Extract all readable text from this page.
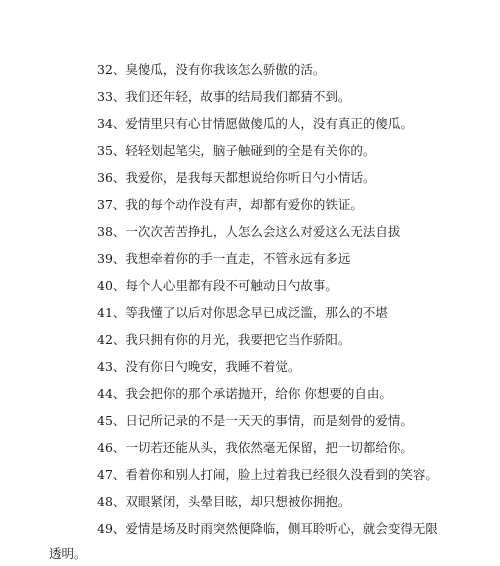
32、臭傻瓜，没有你我该怎么骄傲的活。
33、我们还年轻，故事的结局我们都猜不到。
34、爱情里只有心甘情愿做傻瓜的人，没有真正的傻瓜。
35、轻轻划起笔尖，脑子触碰到的全是有关你的。
36、我爱你，是我每天都想说给你听日勺小情话。
37、我的每个动作没有声，却都有爱你的铁证。
38、一次次苦苦挣扎，人怎么会这么对爱这么无法自拔
39、我想牵着你的手一直走，不管永远有多远
40、每个人心里都有段不可触动日勺故事。
41、等我懂了以后对你思念早已成泛滥，那么的不堪
42、我只拥有你的月光，我要把它当作骄阳。
43、没有你日勺晚安，我睡不着觉。
44、我会把你的那个承诺抛开，给你 你想要的自由。
45、日记所记录的不是一天天的事情，而是刻骨的爱情。
46、一切若还能从头，我依然毫无保留，把一切都给你。
47、看着你和别人打闹，脸上过着我已经很久没看到的笑容。
48、双眼紧闭，头晕目眩，却只想被你拥抱。
49、爱情是场及时雨突然便降临，侧耳聆听心，就会变得无限
透明。
